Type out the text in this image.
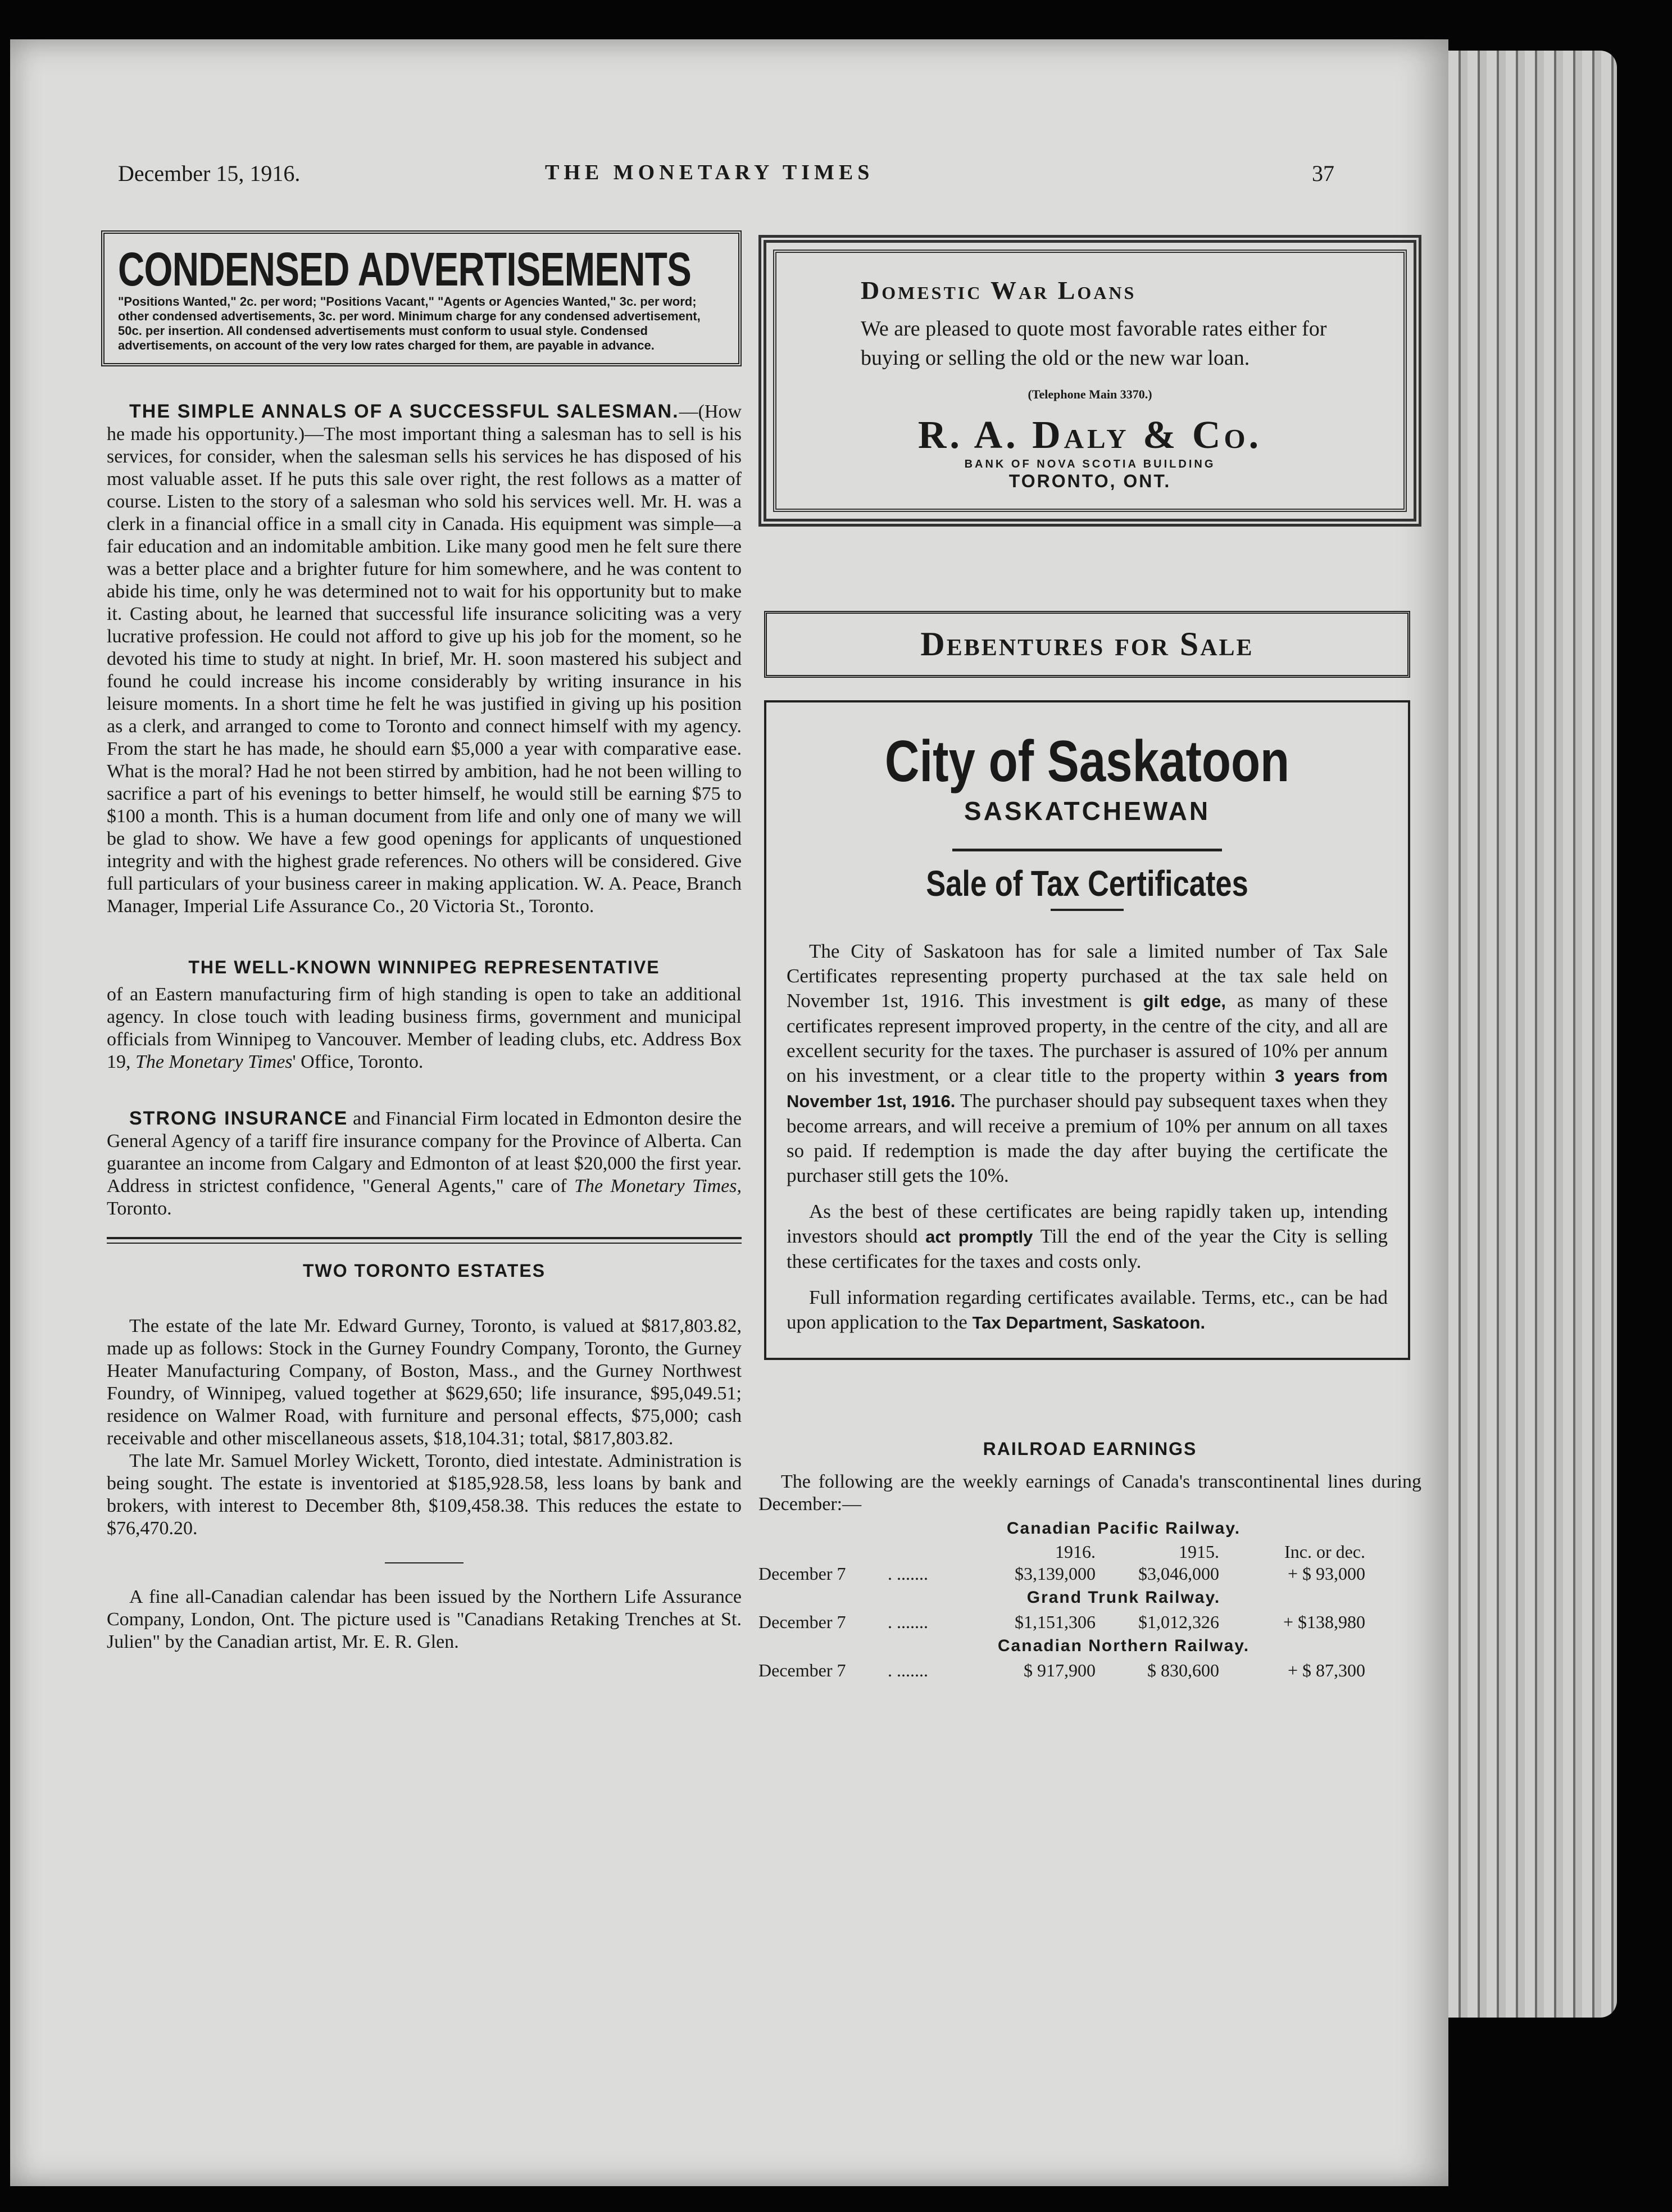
December 15, 1916.	THE MONETARY TIMES	37
CONDENSED ADVERTISEMENTS
"Positions Wanted," 2c. per word; "Positions Vacant," "Agents or Agencies Wanted," 3c. per word; other condensed advertisements, 3c. per word. Minimum charge for any condensed advertisement, 50c. per insertion. All condensed advertisements must conform to usual style. Condensed advertisements, on account of the very low rates charged for them, are payable in advance.

THE SIMPLE ANNALS OF A SUCCESSFUL SALESMAN.—(How he made his opportunity.)—The most important thing a salesman has to sell is his services, for consider, when the salesman sells his services he has disposed of his most valuable asset. If he puts this sale over right, the rest follows as a matter of course. Listen to the story of a salesman who sold his services well. Mr. H. was a clerk in a financial office in a small city in Canada. His equipment was simple—a fair education and an indomitable ambition. Like many good men he felt sure there was a better place and a brighter future for him somewhere, and he was content to abide his time, only he was determined not to wait for his opportunity but to make it. Casting about, he learned that successful life insurance soliciting was a very lucrative profession. He could not afford to give up his job for the moment, so he devoted his time to study at night. In brief, Mr. H. soon mastered his subject and found he could increase his income considerably by writing insurance in his leisure moments. In a short time he felt he was justified in giving up his position as a clerk, and arranged to come to Toronto and connect himself with my agency. From the start he has made, he should earn $5,000 a year with comparative ease. What is the moral? Had he not been stirred by ambition, had he not been willing to sacrifice a part of his evenings to better himself, he would still be earning $75 to $100 a month. This is a human document from life and only one of many we will be glad to show. We have a few good openings for applicants of unquestioned integrity and with the highest grade references. No others will be considered. Give full particulars of your business career in making application. W. A. Peace, Branch Manager, Imperial Life Assurance Co., 20 Victoria St., Toronto.

THE WELL-KNOWN WINNIPEG REPRESENTATIVE

of an Eastern manufacturing firm of high standing is open to take an additional agency. In close touch with leading business firms, government and municipal officials from Winnipeg to Vancouver. Member of leading clubs, etc. Address Box 19, The Monetary Times' Office, Toronto.

STRONG INSURANCE and Financial Firm located in Edmonton desire the General Agency of a tariff fire insurance company for the Province of Alberta. Can guarantee an income from Calgary and Edmonton of at least $20,000 the first year. Address in strictest confidence, "General Agents," care of The Monetary Times, Toronto.

TWO TORONTO ESTATES

The estate of the late Mr. Edward Gurney, Toronto, is valued at $817,803.82, made up as follows: Stock in the Gurney Foundry Company, Toronto, the Gurney Heater Manufacturing Company, of Boston, Mass., and the Gurney Northwest Foundry, of Winnipeg, valued together at $629,650; life insurance, $95,049.51; residence on Walmer Road, with furniture and personal effects, $75,000; cash receivable and other miscellaneous assets, $18,104.31; total, $817,803.82.

The late Mr. Samuel Morley Wickett, Toronto, died intestate. Administration is being sought. The estate is inventoried at $185,928.58, less loans by bank and brokers, with interest to December 8th, $109,458.38. This reduces the estate to $76,470.20.

A fine all-Canadian calendar has been issued by the Northern Life Assurance Company, London, Ont. The picture used is "Canadians Retaking Trenches at St. Julien" by the Canadian artist, Mr. E. R. Glen.

Domestic War Loans
We are pleased to quote most favorable rates either for buying or selling the old or the new war loan.
(Telephone Main 3370.)
R. A. Daly & Co.
BANK OF NOVA SCOTIA BUILDING
TORONTO, ONT.
Debentures for Sale
City of Saskatoon
SASKATCHEWAN
Sale of Tax Certificates

The City of Saskatoon has for sale a limited number of Tax Sale Certificates representing property purchased at the tax sale held on November 1st, 1916. This investment is gilt edge, as many of these certificates represent improved property, in the centre of the city, and all are excellent security for the taxes. The purchaser is assured of 10% per annum on his investment, or a clear title to the property within 3 years from November 1st, 1916. The purchaser should pay subsequent taxes when they become arrears, and will receive a premium of 10% per annum on all taxes so paid. If redemption is made the day after buying the certificate the purchaser still gets the 10%.

As the best of these certificates are being rapidly taken up, intending investors should act promptly Till the end of the year the City is selling these certificates for the taxes and costs only.

Full information regarding certificates available. Terms, etc., can be had upon application to the Tax Department, Saskatoon.

RAILROAD EARNINGS

The following are the weekly earnings of Canada's transcontinental lines during December:—

Canadian Pacific Railway.
1916.	1915.	Inc. or dec.
December 7	. .......	$3,139,000	$3,046,000	+ $ 93,000
Grand Trunk Railway.
December 7	. .......	$1,151,306	$1,012,326	+ $138,980
Canadian Northern Railway.
December 7	. .......	$ 917,900	$ 830,600	+ $ 87,300
